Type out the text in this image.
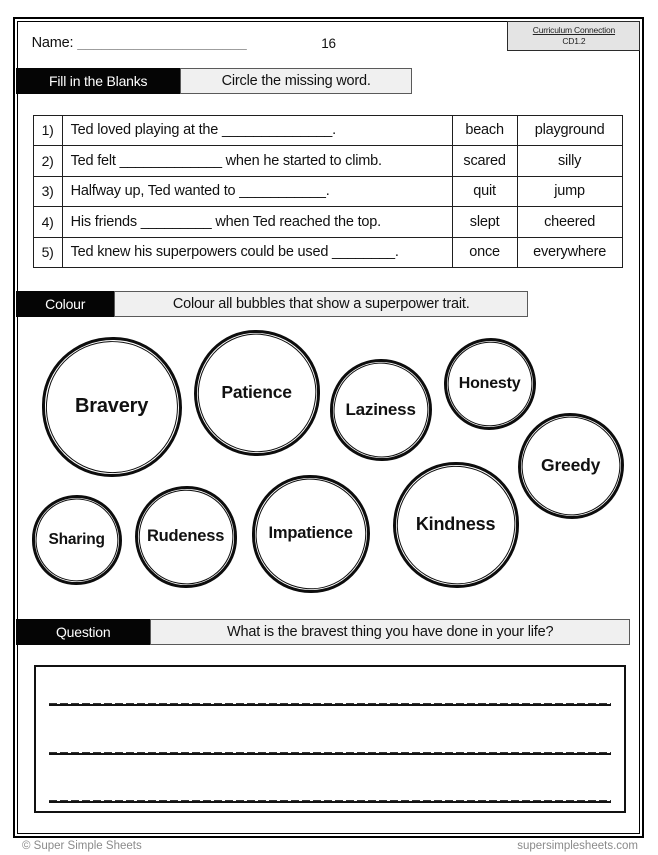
Name: _____________________	16
Curriculum Connection
CD1.2
Fill in the Blanks	Circle the missing word.
1)	Ted loved playing at the ______________.	beach	playground
2)	Ted felt _____________ when he started to climb.	scared	silly
3)	Halfway up, Ted wanted to ___________.	quit	jump
4)	His friends _________ when Ted reached the top.	slept	cheered
5)	Ted knew his superpowers could be used ________.	once	everywhere
Colour	Colour all bubbles that show a superpower trait.
Bravery
Patience
Laziness
Honesty
Greedy
Sharing	Rudeness	Impatience	Kindness
Question	What is the bravest thing you have done in your life?
© Super Simple Sheets	supersimplesheets.com
